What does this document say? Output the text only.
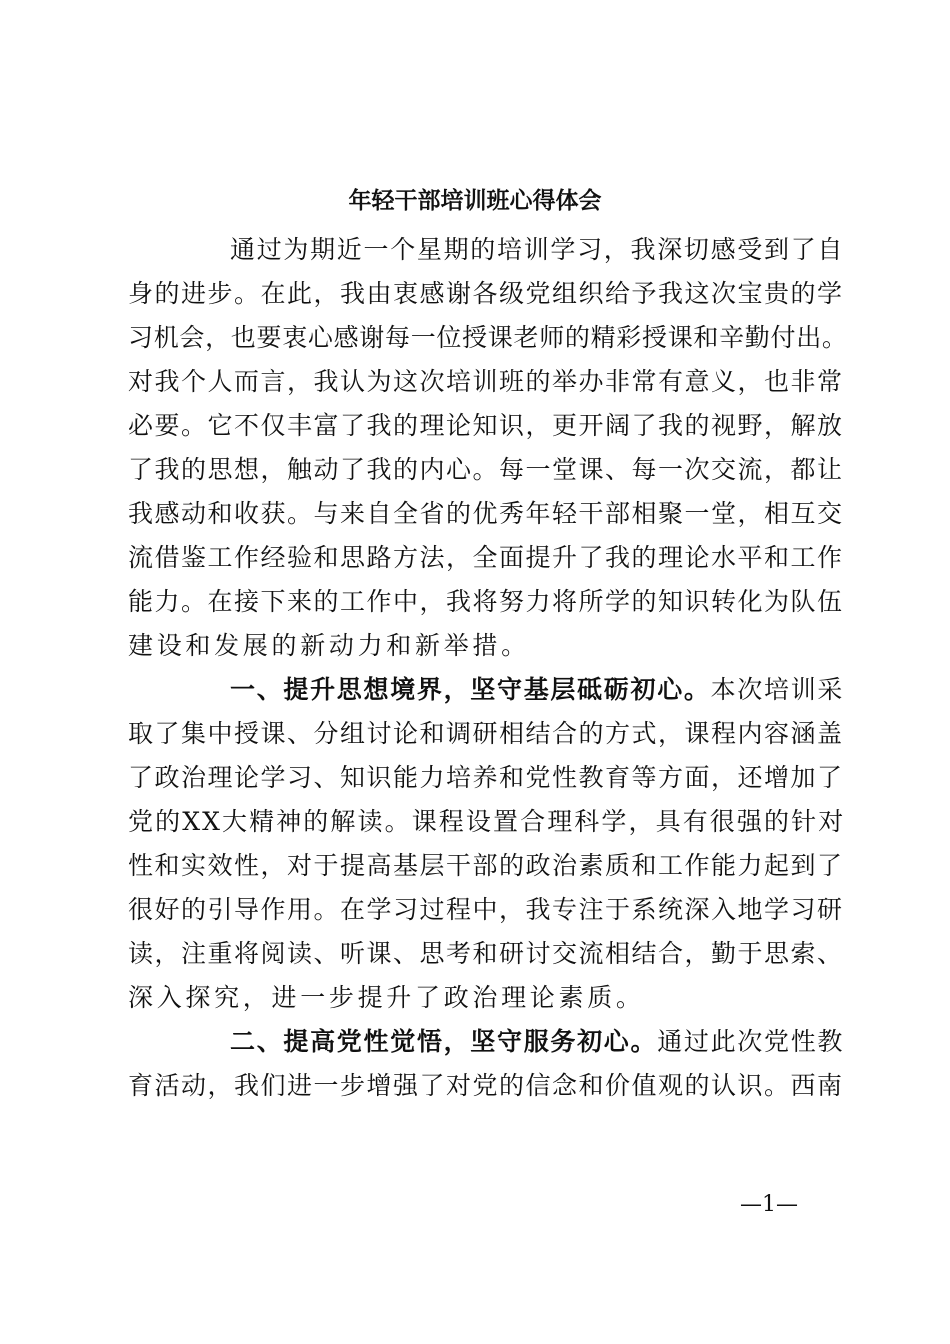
年轻干部培训班心得体会
通过为期近一个星期的培训学习，我深切感受到了自
身的进步。在此，我由衷感谢各级党组织给予我这次宝贵的学
习机会，也要衷心感谢每一位授课老师的精彩授课和辛勤付出。
对我个人而言，我认为这次培训班的举办非常有意义，也非常
必要。它不仅丰富了我的理论知识，更开阔了我的视野，解放
了我的思想，触动了我的内心。每一堂课、每一次交流，都让
我感动和收获。与来自全省的优秀年轻干部相聚一堂，相互交
流借鉴工作经验和思路方法，全面提升了我的理论水平和工作
能力。在接下来的工作中，我将努力将所学的知识转化为队伍
建设和发展的新动力和新举措。
一、提升思想境界，坚守基层砥砺初心。本次培训采
取了集中授课、分组讨论和调研相结合的方式，课程内容涵盖
了政治理论学习、知识能力培养和党性教育等方面，还增加了
党的XX大精神的解读。课程设置合理科学，具有很强的针对
性和实效性，对于提高基层干部的政治素质和工作能力起到了
很好的引导作用。在学习过程中，我专注于系统深入地学习研
读，注重将阅读、听课、思考和研讨交流相结合，勤于思索、
深入探究，进一步提升了政治理论素质。
二、提高党性觉悟，坚守服务初心。通过此次党性教
育活动，我们进一步增强了对党的信念和价值观的认识。西南
—1—
